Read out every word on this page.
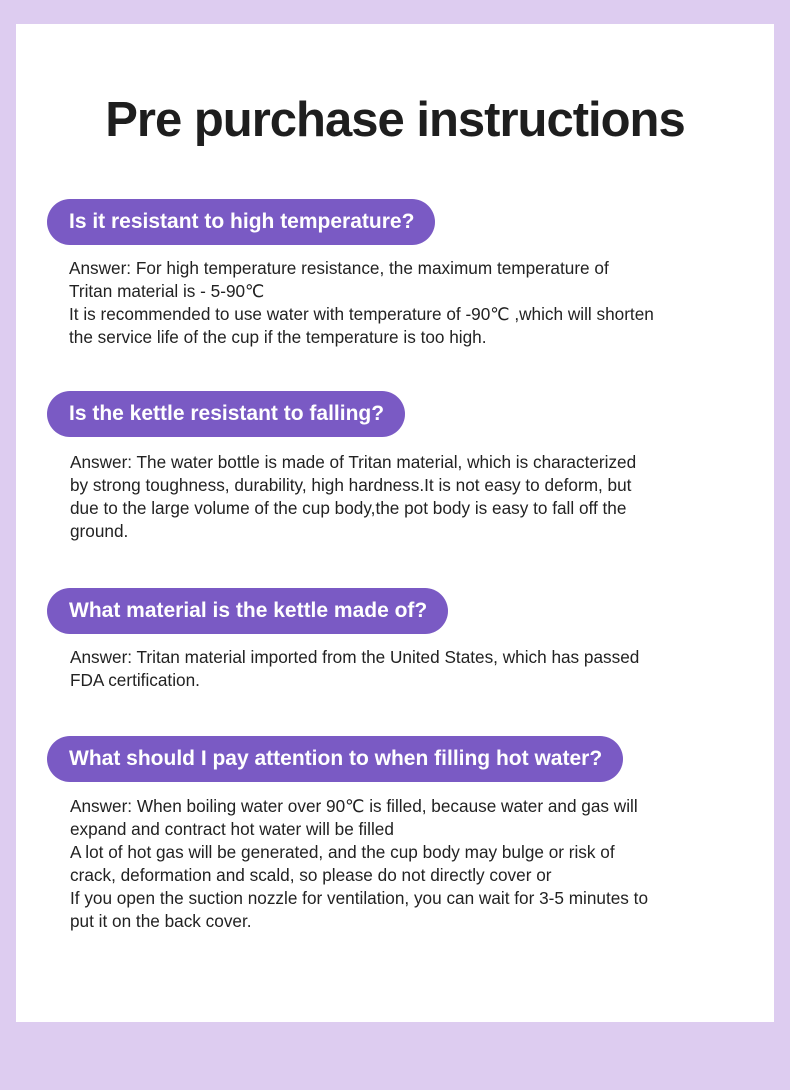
Pre purchase instructions
Is it resistant to high temperature?

Answer: For high temperature resistance, the maximum temperature of
Tritan material is - 5-90℃
It is recommended to use water with temperature of -90℃ ,which will shorten
the service life of the cup if the temperature is too high.

Is the kettle resistant to falling?

Answer: The water bottle is made of Tritan material, which is characterized
by strong toughness, durability, high hardness.It is not easy to deform, but
due to the large volume of the cup body,the pot body is easy to fall off the
ground.

What material is the kettle made of?

Answer: Tritan material imported from the United States, which has passed
FDA certification.

What should I pay attention to when filling hot water?

Answer: When boiling water over 90℃ is filled, because water and gas will
expand and contract hot water will be filled
A lot of hot gas will be generated, and the cup body may bulge or risk of
crack, deformation and scald, so please do not directly cover or
If you open the suction nozzle for ventilation, you can wait for 3-5 minutes to
put it on the back cover.
